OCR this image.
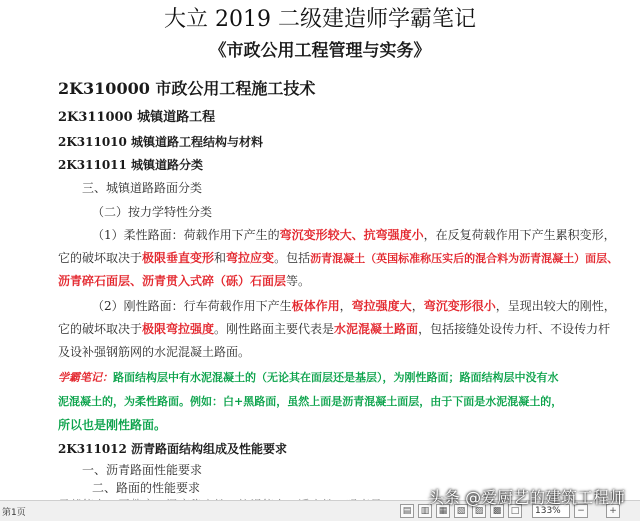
大立 2019 二级建造师学霸笔记
《市政公用工程管理与实务》
2K310000 市政公用工程施工技术
2K311000 城镇道路工程
2K311010 城镇道路工程结构与材料
2K311011 城镇道路分类
三、城镇道路路面分类
（二）按力学特性分类
（1）柔性路面：荷载作用下产生的弯沉变形较大、抗弯强度小，在反复荷载作用下产生累积变形，
它的破坏取决于极限垂直变形和弯拉应变。包括沥青混凝土（英国标准称压实后的混合料为沥青混凝土）面层、
沥青碎石面层、沥青贯入式碎（砾）石面层等。
（2）刚性路面：行车荷载作用下产生板体作用，弯拉强度大，弯沉变形很小，呈现出较大的刚性，
它的破坏取决于极限弯拉强度。刚性路面主要代表是水泥混凝土路面，包括接缝处设传力杆、不设传力杆
及设补强钢筋网的水泥混凝土路面。
学霸笔记：路面结构层中有水泥混凝土的（无论其在面层还是基层），为刚性路面；路面结构层中没有水
泥混凝土的，为柔性路面。例如：白+黑路面，虽然上面是沥青混凝土面层，由于下面是水泥混凝土的，
所以也是刚性路面。
2K311012 沥青路面结构组成及性能要求
一、沥青路面性能要求
二、路面的性能要求
第1页	▤	▥	▦	▧	▨	▩	□	133%	−	+
头条 @爱厨艺的建筑工程师
